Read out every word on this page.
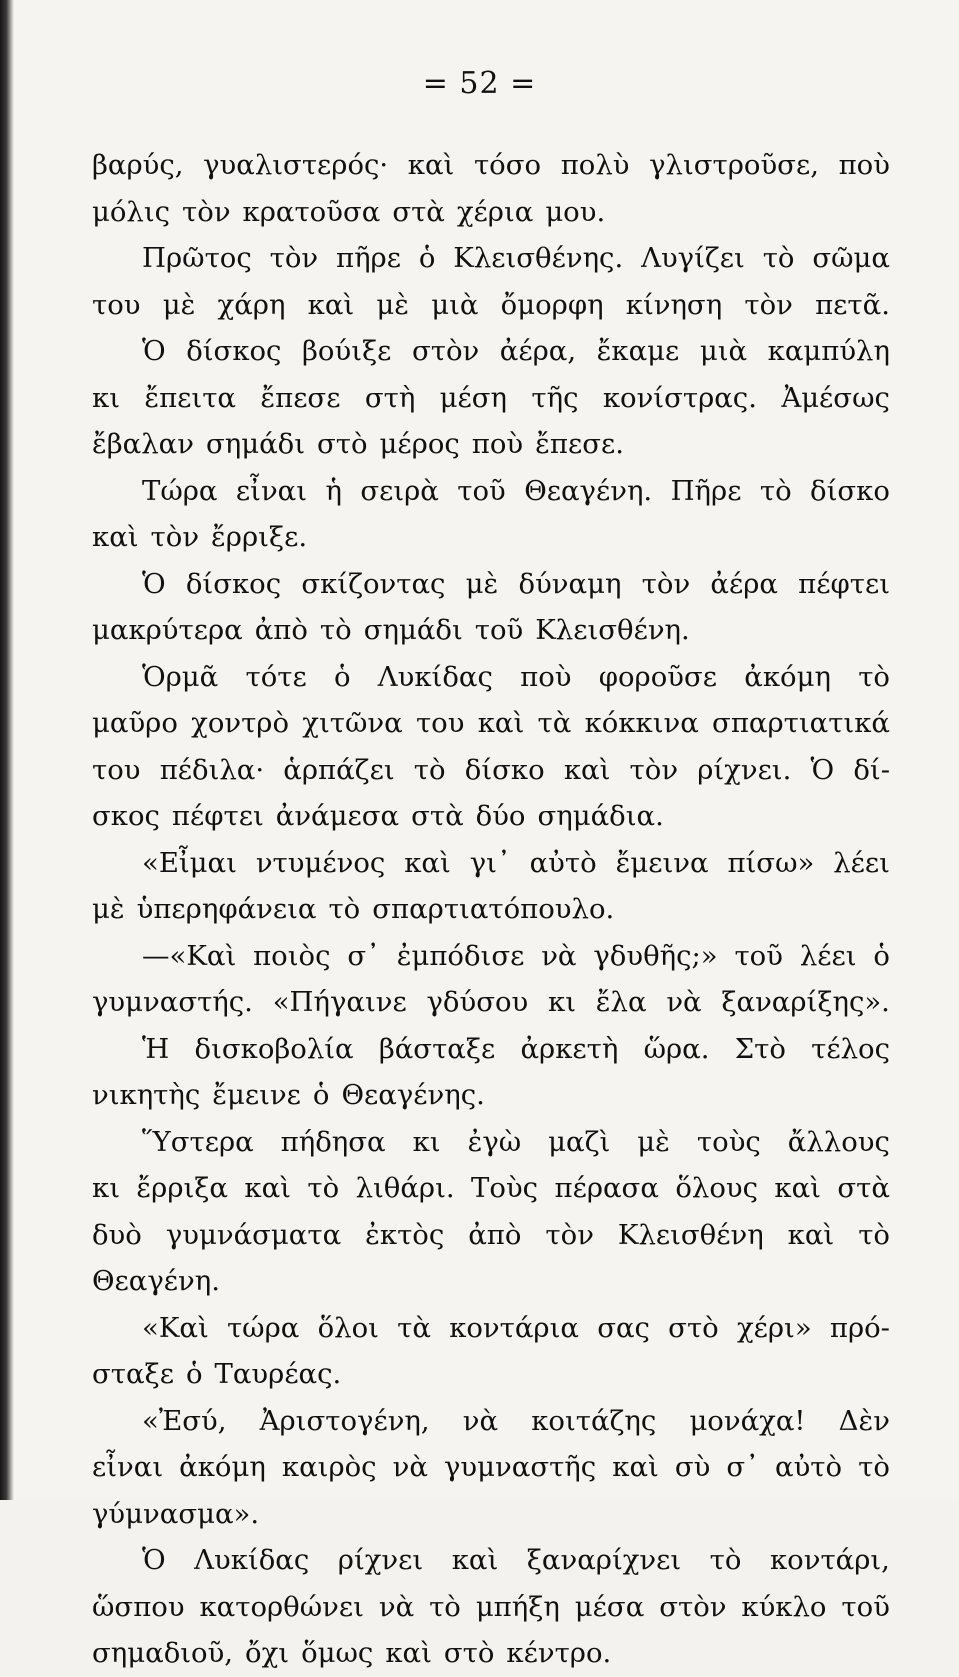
= 52 =
βαρύς, γυαλιστερός· καὶ τόσο πολὺ γλιστροῦσε, ποὺ
μόλις τὸν κρατοῦσα στὰ χέρια μου.
Πρῶτος τὸν πῆρε ὁ Κλεισθένης. Λυγίζει τὸ σῶμα
του μὲ χάρη καὶ μὲ μιὰ ὄμορφη κίνηση τὸν πετᾶ.
Ὁ δίσκος βούιξε στὸν ἀέρα, ἔκαμε μιὰ καμπύλη
κι ἔπειτα ἔπεσε στὴ μέση τῆς κονίστρας. Ἀμέσως
ἔβαλαν σημάδι στὸ μέρος ποὺ ἔπεσε.
Τώρα εἶναι ἡ σειρὰ τοῦ Θεαγένη. Πῆρε τὸ δίσκο
καὶ τὸν ἔρριξε.
Ὁ δίσκος σκίζοντας μὲ δύναμη τὸν ἀέρα πέφτει
μακρύτερα ἀπὸ τὸ σημάδι τοῦ Κλεισθένη.
Ὁρμᾶ τότε ὁ Λυκίδας ποὺ φοροῦσε ἀκόμη τὸ
μαῦρο χοντρὸ χιτῶνα του καὶ τὰ κόκκινα σπαρτιατικά
του πέδιλα· ἁρπάζει τὸ δίσκο καὶ τὸν ρίχνει. Ὁ δί-
σκος πέφτει ἀνάμεσα στὰ δύο σημάδια.
«Εἶμαι ντυμένος καὶ γι᾿ αὐτὸ ἔμεινα πίσω» λέει
μὲ ὑπερηφάνεια τὸ σπαρτιατόπουλο.
—«Καὶ ποιὸς σ᾿ ἐμπόδισε νὰ γδυθῆς;» τοῦ λέει ὁ
γυμναστής. «Πήγαινε γδύσου κι ἔλα νὰ ξαναρίξης».
Ἡ δισκοβολία βάσταξε ἀρκετὴ ὥρα. Στὸ τέλος
νικητὴς ἔμεινε ὁ Θεαγένης.
Ὕστερα πήδησα κι ἐγὼ μαζὶ μὲ τοὺς ἄλλους
κι ἔρριξα καὶ τὸ λιθάρι. Τοὺς πέρασα ὅλους καὶ στὰ
δυὸ γυμνάσματα ἐκτὸς ἀπὸ τὸν Κλεισθένη καὶ τὸ
Θεαγένη.
«Καὶ τώρα ὅλοι τὰ κοντάρια σας στὸ χέρι» πρό-
σταξε ὁ Ταυρέας.
«Ἐσύ, Ἀριστογένη, νὰ κοιτάζης μονάχα! Δὲν
εἶναι ἀκόμη καιρὸς νὰ γυμναστῆς καὶ σὺ σ᾿ αὐτὸ τὸ
γύμνασμα».
Ὁ Λυκίδας ρίχνει καὶ ξαναρίχνει τὸ κοντάρι,
ὥσπου κατορθώνει νὰ τὸ μπήξη μέσα στὸν κύκλο τοῦ
σημαδιοῦ, ὄχι ὅμως καὶ στὸ κέντρο.
